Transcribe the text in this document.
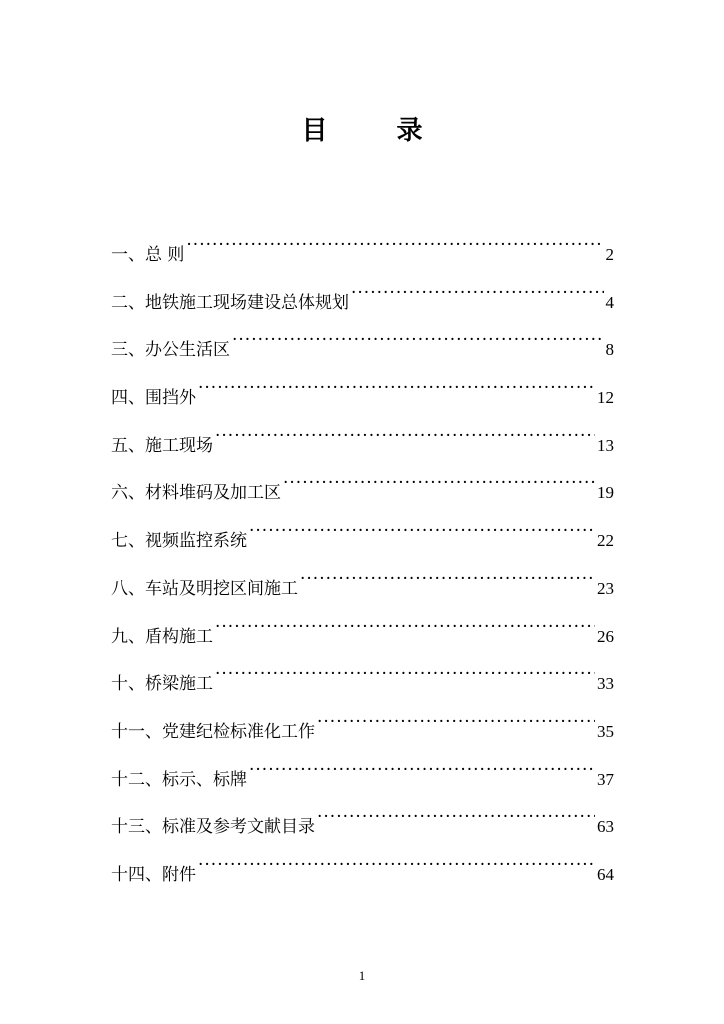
目 录
一、总 则 ·····	2
二、地铁施工现场建设总体规划 ·····	4
三、办公生活区 ·····	8
四、围挡外 ·····	12
五、施工现场 ·····	13
六、材料堆码及加工区 ·····	19
七、视频监控系统 ·····	22
八、车站及明挖区间施工 ·····	23
九、盾构施工 ·····	26
十、桥梁施工 ·····	33
十一、党建纪检标准化工作 ·····	35
十二、标示、标牌 ·····	37
十三、标准及参考文献目录 ·····	63
十四、附件 ·····	64
1
